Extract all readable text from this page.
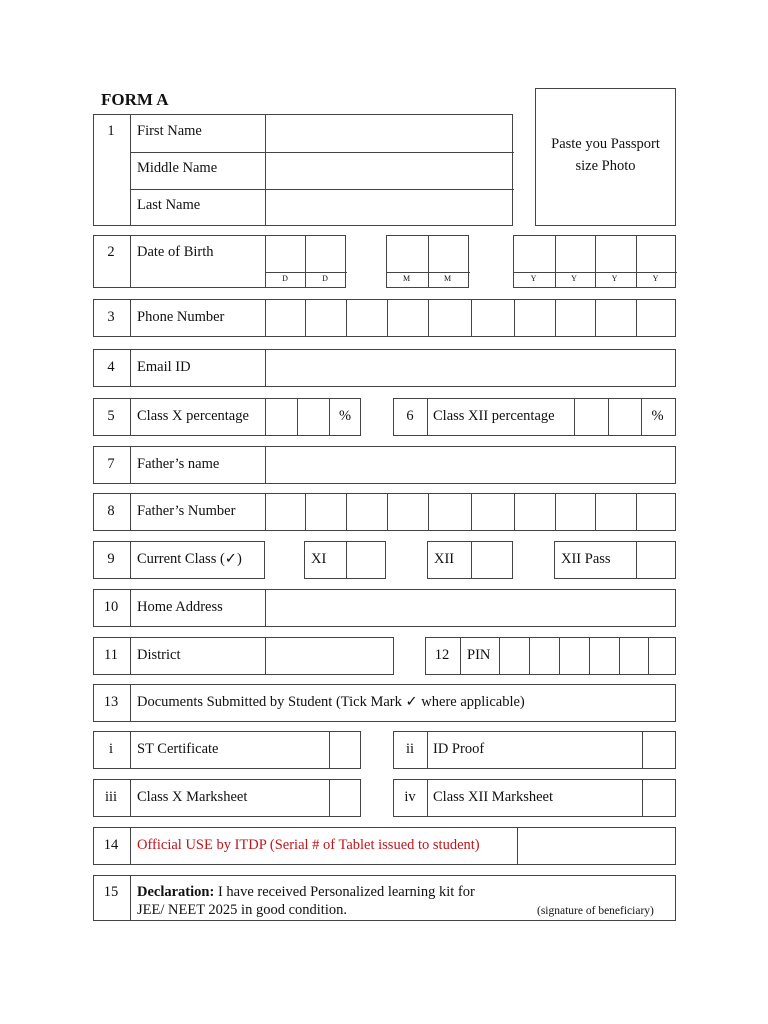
FORM A
1	First Name
Middle Name
Last Name
Paste you Passport
size Photo
2	Date of Birth
D	D	M	M	Y	Y	Y	Y
3	Phone Number
4	Email ID
5	Class X percentage	%	6	Class XII percentage	%
7	Father’s name
8	Father’s Number
9	Current Class (✓)	XI	XII	XII Pass
10	Home Address
11	District	12	PIN
13	Documents Submitted by Student (Tick Mark ✓ where applicable)
i	ST Certificate	ii	ID Proof
iii	Class X Marksheet	iv	Class XII Marksheet
14	Official USE by ITDP (Serial # of Tablet issued to student)
15	Declaration: I have received Personalized learning kit for
JEE/ NEET 2025 in good condition.	(signature of beneficiary)
